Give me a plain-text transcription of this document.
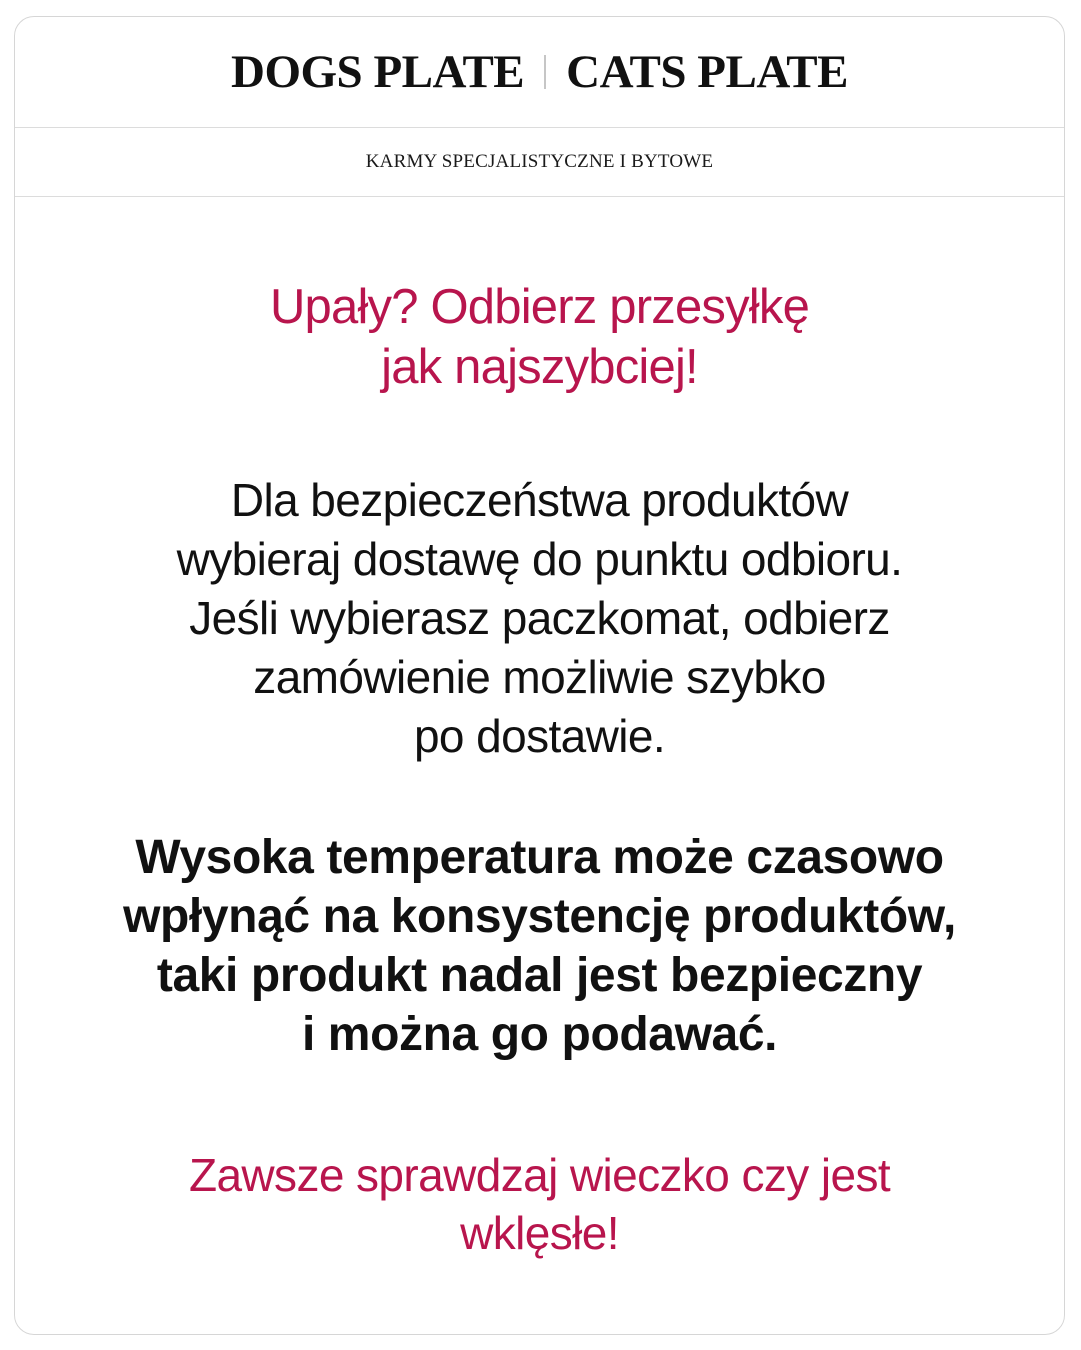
DOGS PLATE CATS PLATE
KARMY SPECJALISTYCZNE I BYTOWE
Upały? Odbierz przesyłkę
jak najszybciej!
Dla bezpieczeństwa produktów
wybieraj dostawę do punktu odbioru.
Jeśli wybierasz paczkomat, odbierz
zamówienie możliwie szybko
po dostawie.
Wysoka temperatura może czasowo
wpłynąć na konsystencję produktów,
taki produkt nadal jest bezpieczny
i można go podawać.
Zawsze sprawdzaj wieczko czy jest
wklęsłe!
